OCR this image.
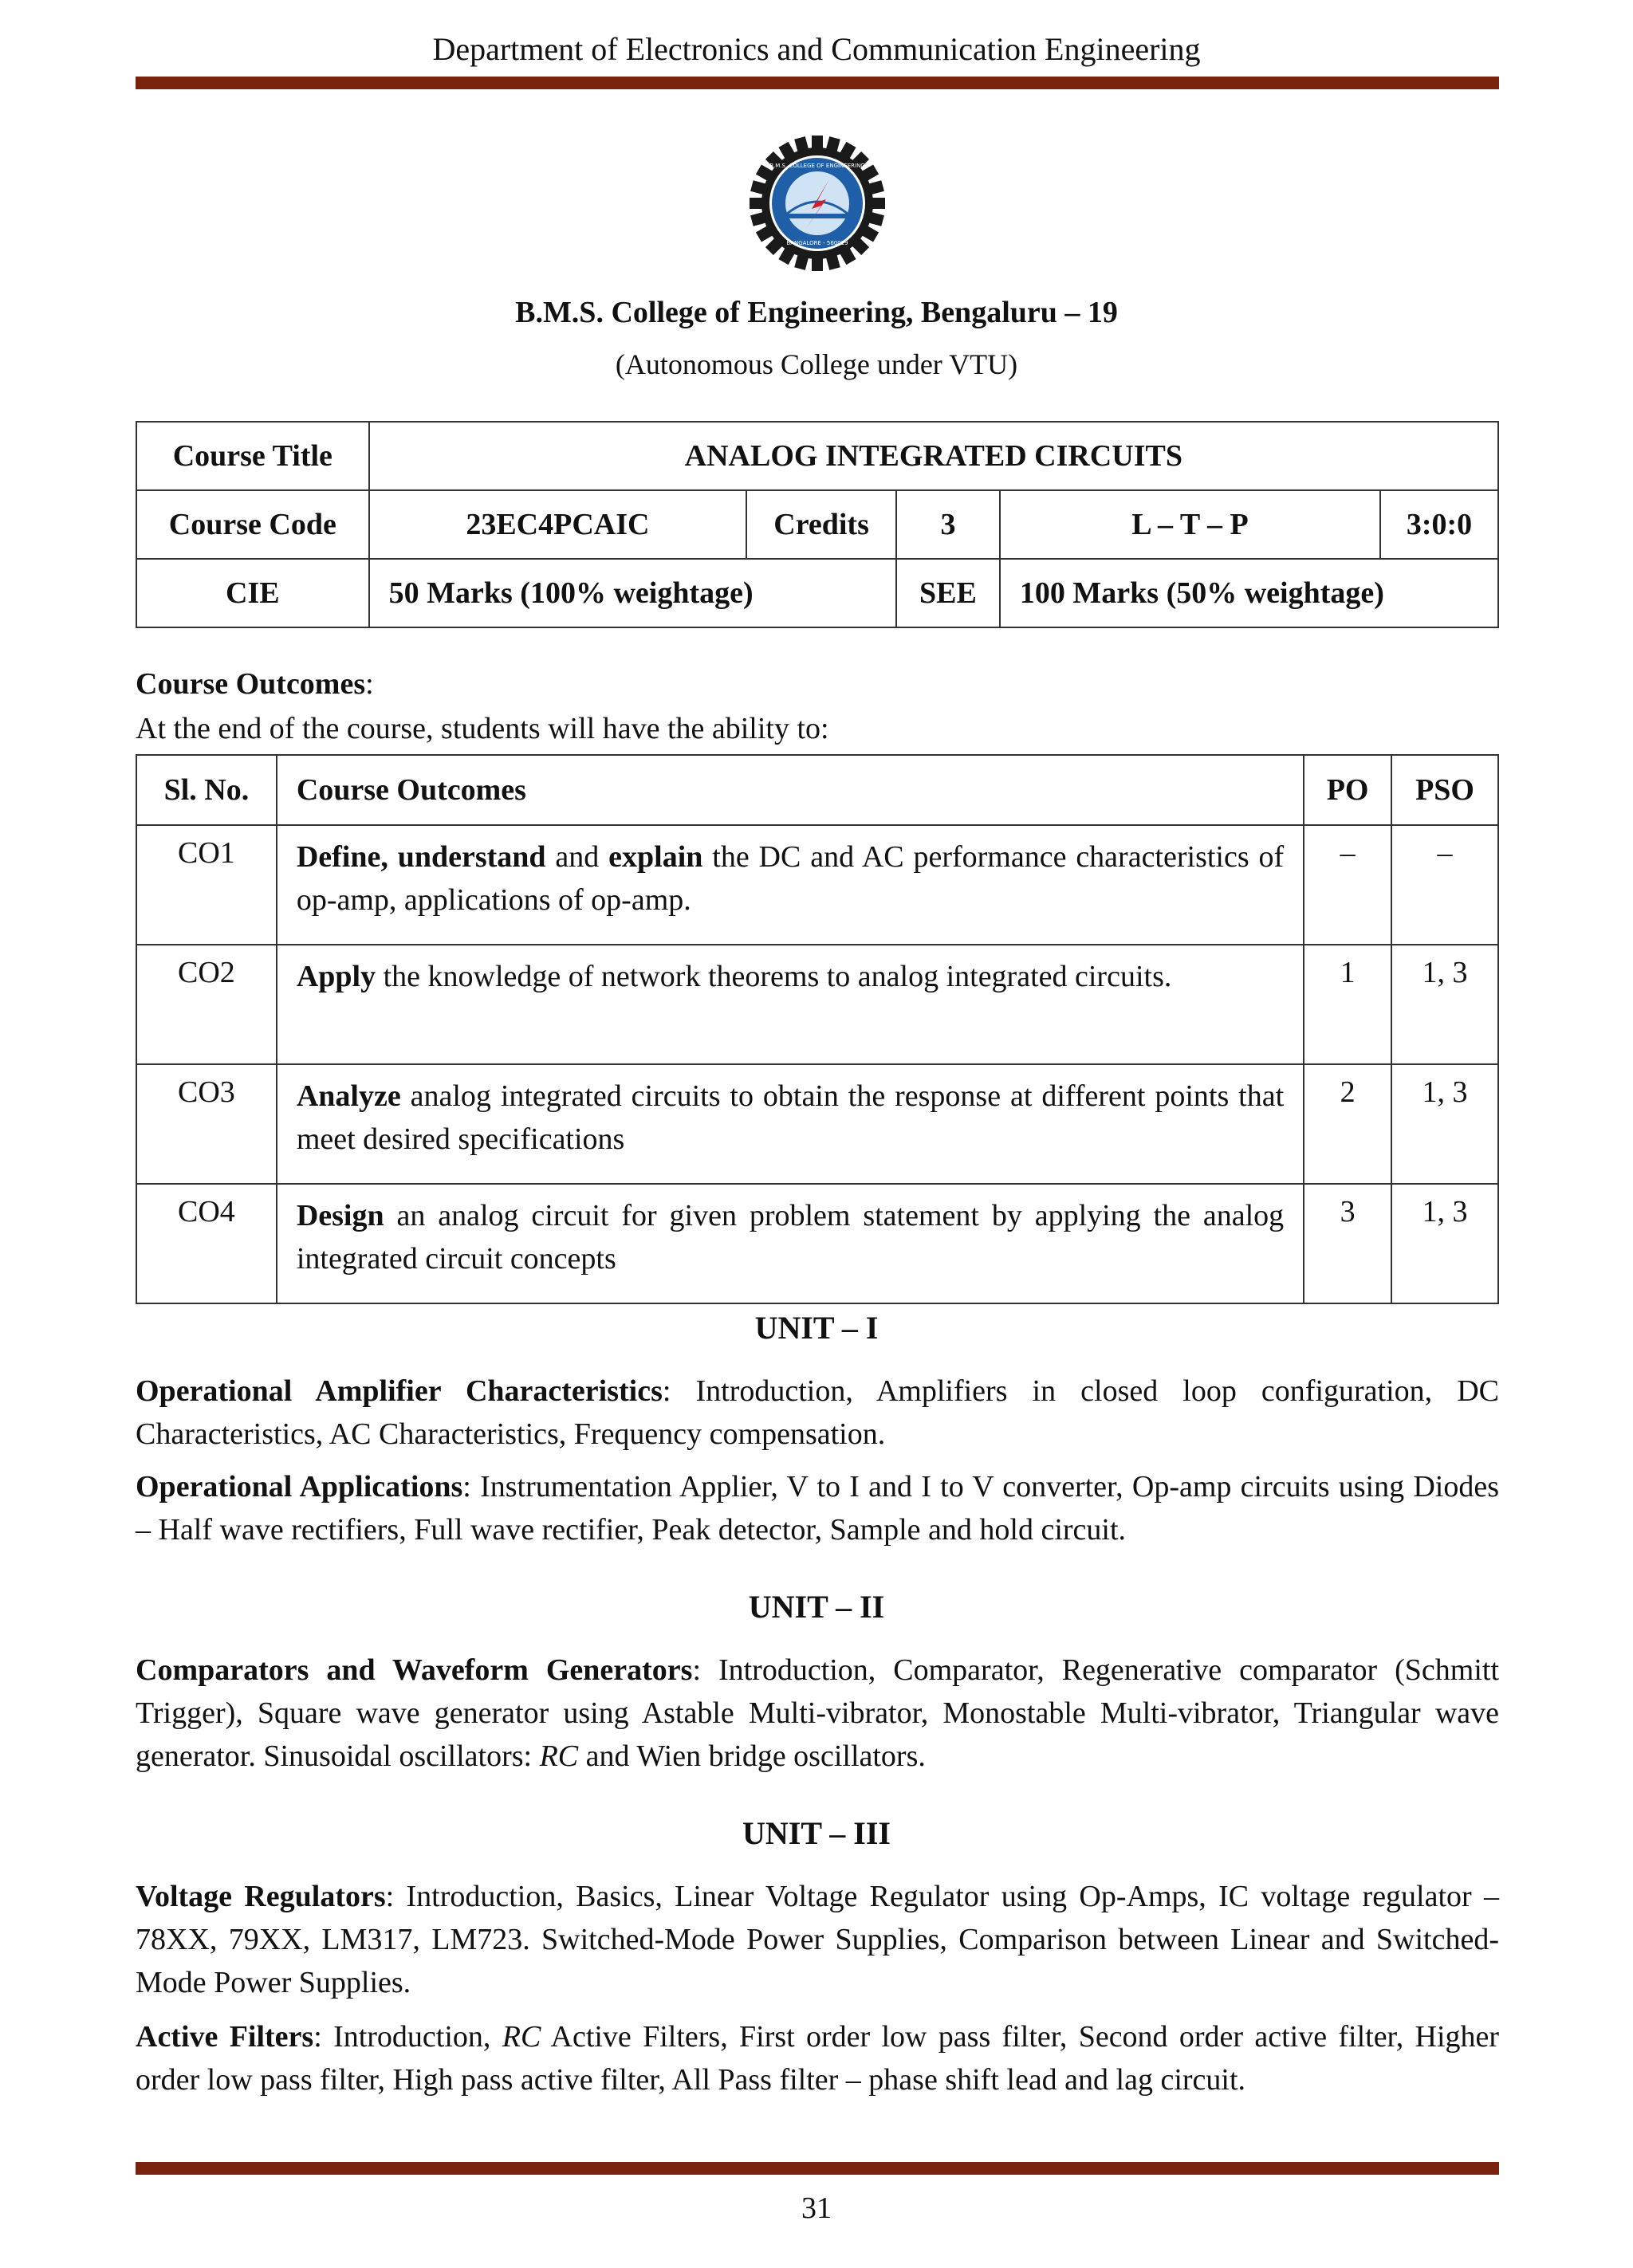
Department of Electronics and Communication Engineering
B.M.S. COLLEGE OF ENGINEERING
BANGALORE - 560019
B.M.S. College of Engineering, Bengaluru – 19
(Autonomous College under VTU)
Course Title	ANALOG INTEGRATED CIRCUITS				
Course Code	23EC4PCAIC	Credits	3	L – T – P	3:0:0
CIE	50 Marks (100% weightage)		SEE	100 Marks (50% weightage)	
Course Outcomes:
At the end of the course, students will have the ability to:
Sl. No.	Course Outcomes	PO	PSO
CO1	Define, understand and explain the DC and AC performance characteristics of op-amp, applications of op-amp.	–	–
CO2	Apply the knowledge of network theorems to analog integrated circuits.	1	1, 3
CO3	Analyze analog integrated circuits to obtain the response at different points that meet desired specifications	2	1, 3
CO4	Design an analog circuit for given problem statement by applying the analog integrated circuit concepts	3	1, 3
UNIT – I
Operational Amplifier Characteristics: Introduction, Amplifiers in closed loop configuration, DC Characteristics, AC Characteristics, Frequency compensation.
Operational Applications: Instrumentation Applier, V to I and I to V converter, Op-amp circuits using Diodes – Half wave rectifiers, Full wave rectifier, Peak detector, Sample and hold circuit.
UNIT – II
Comparators and Waveform Generators: Introduction, Comparator, Regenerative comparator (Schmitt Trigger), Square wave generator using Astable Multi-vibrator, Monostable Multi-vibrator, Triangular wave generator. Sinusoidal oscillators: RC and Wien bridge oscillators.
UNIT – III
Voltage Regulators: Introduction, Basics, Linear Voltage Regulator using Op-Amps, IC voltage regulator – 78XX, 79XX, LM317, LM723. Switched-Mode Power Supplies, Comparison between Linear and Switched-Mode Power Supplies.
Active Filters: Introduction, RC Active Filters, First order low pass filter, Second order active filter, Higher order low pass filter, High pass active filter, All Pass filter – phase shift lead and lag circuit.
31
